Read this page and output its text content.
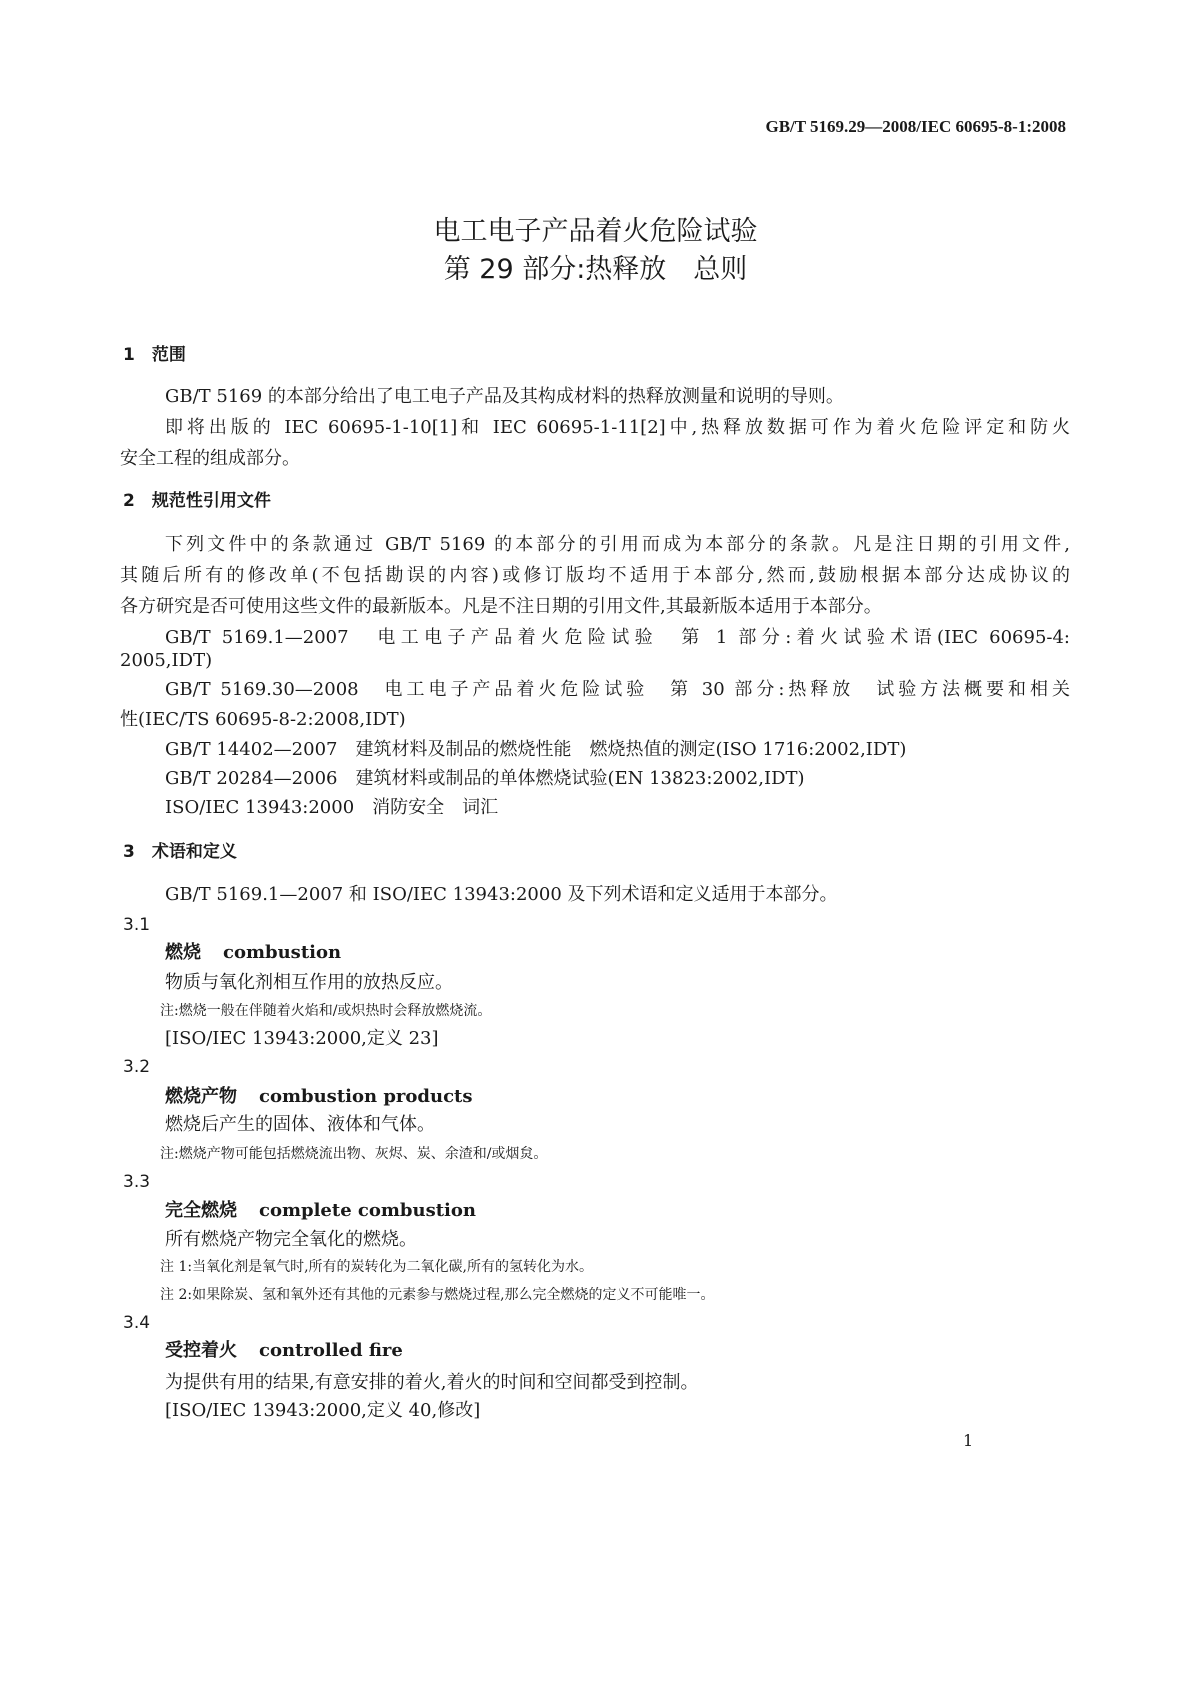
GB/T 5169.29—2008/IEC 60695-8-1:2008
电工电子产品着火危险试验
第 29 部分:热释放　总则
1　范围
GB/T 5169 的本部分给出了电工电子产品及其构成材料的热释放测量和说明的导则。
即将出版的 IEC 60695-1-10[1]和 IEC 60695-1-11[2]中,热释放数据可作为着火危险评定和防火
安全工程的组成部分。
2　规范性引用文件
下列文件中的条款通过 GB/T 5169 的本部分的引用而成为本部分的条款。凡是注日期的引用文件,
其随后所有的修改单(不包括勘误的内容)或修订版均不适用于本部分,然而,鼓励根据本部分达成协议的
各方研究是否可使用这些文件的最新版本。凡是不注日期的引用文件,其最新版本适用于本部分。
GB/T 5169.1—2007　电工电子产品着火危险试验　第 1 部分:着火试验术语(IEC 60695-4:
2005,IDT)
GB/T 5169.30—2008　电工电子产品着火危险试验　第 30 部分:热释放　试验方法概要和相关
性(IEC/TS 60695-8-2:2008,IDT)
GB/T 14402—2007　建筑材料及制品的燃烧性能　燃烧热值的测定(ISO 1716:2002,IDT)
GB/T 20284—2006　建筑材料或制品的单体燃烧试验(EN 13823:2002,IDT)
ISO/IEC 13943:2000　消防安全　词汇
3　术语和定义
GB/T 5169.1—2007 和 ISO/IEC 13943:2000 及下列术语和定义适用于本部分。
3.1
燃烧 combustion
物质与氧化剂相互作用的放热反应。
注:燃烧一般在伴随着火焰和/或炽热时会释放燃烧流。
[ISO/IEC 13943:2000,定义 23]
3.2
燃烧产物 combustion products
燃烧后产生的固体、液体和气体。
注:燃烧产物可能包括燃烧流出物、灰烬、炭、余渣和/或烟炱。
3.3
完全燃烧 complete combustion
所有燃烧产物完全氧化的燃烧。
注 1:当氧化剂是氧气时,所有的炭转化为二氧化碳,所有的氢转化为水。
注 2:如果除炭、氢和氧外还有其他的元素参与燃烧过程,那么完全燃烧的定义不可能唯一。
3.4
受控着火 controlled fire
为提供有用的结果,有意安排的着火,着火的时间和空间都受到控制。
[ISO/IEC 13943:2000,定义 40,修改]
1
